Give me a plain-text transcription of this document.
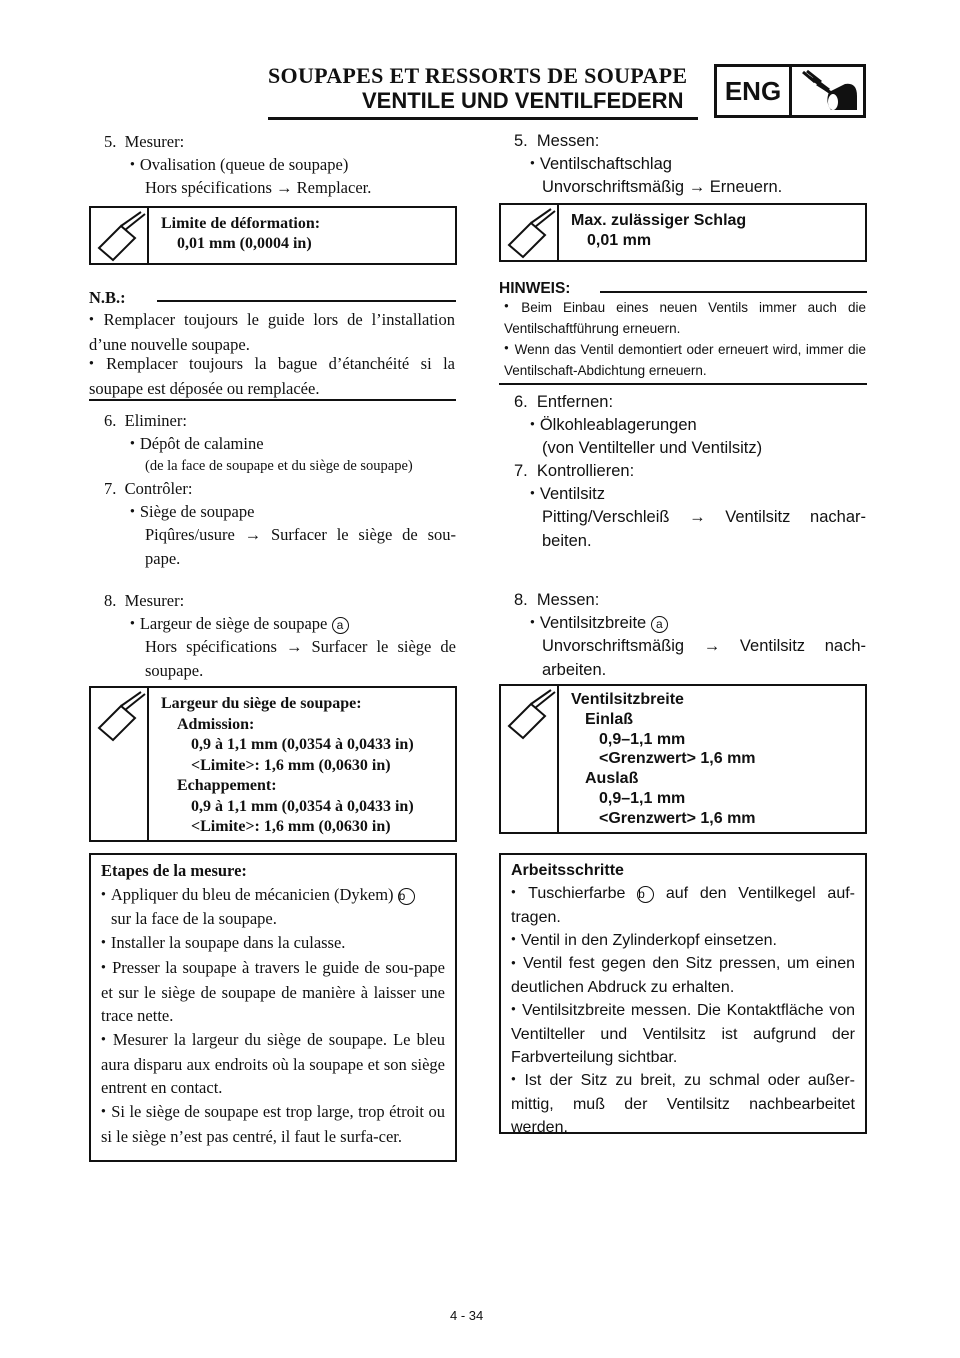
SOUPAPES ET RESSORTS DE SOUPAPE
VENTILE UND VENTILFEDERN	ENG
5.  Mesurer:
● Ovalisation (queue de soupape)
Hors spécifications → Remplacer.
Limite de déformation:
0,01 mm (0,0004 in)
N.B.:
● Remplacer toujours le guide lors de l’installation d’une nouvelle soupape.
● Remplacer toujours la bague d’étanchéité si la soupape est déposée ou remplacée.
6.  Eliminer:
● Dépôt de calamine
(de la face de soupape et du siège de soupape)
7.  Contrôler:
● Siège de soupape
Piqûres/usure → Surfacer le siège de sou-pape.
8.  Mesurer:
● Largeur de siège de soupape a
Hors spécifications → Surfacer le siège de soupape.
Largeur du siège de soupape:
Admission:
0,9 à 1,1 mm (0,0354 à 0,0433 in)
<Limite>: 1,6 mm (0,0630 in)
Echappement:
0,9 à 1,1 mm (0,0354 à 0,0433 in)
<Limite>: 1,6 mm (0,0630 in)
Etapes de la mesure:
● Appliquer du bleu de mécanicien (Dykem) b
sur la face de la soupape.
● Installer la soupape dans la culasse.
● Presser la soupape à travers le guide de sou-pape et sur le siège de soupape de manière à laisser une trace nette.
● Mesurer la largeur du siège de soupape. Le bleu aura disparu aux endroits où la soupape et son siège entrent en contact.
● Si le siège de soupape est trop large, trop étroit ou si le siège n’est pas centré, il faut le surfa-cer.
5.  Messen:
● Ventilschaftschlag
Unvorschriftsmäßig → Erneuern.
Max. zulässiger Schlag
0,01 mm
HINWEIS:
● Beim Einbau eines neuen Ventils immer auch die Ventilschaftführung erneuern.
● Wenn das Ventil demontiert oder erneuert wird, immer die Ventilschaft-Abdichtung erneuern.
6.  Entfernen:
● Ölkohleablagerungen
(von Ventilteller und Ventilsitz)
7.  Kontrollieren:
● Ventilsitz
Pitting/Verschleiß → Ventilsitz nachar-beiten.
8.  Messen:
● Ventilsitzbreite a
Unvorschriftsmäßig → Ventilsitz nach-arbeiten.
Ventilsitzbreite
Einlaß
0,9–1,1 mm
<Grenzwert> 1,6 mm
Auslaß
0,9–1,1 mm
<Grenzwert> 1,6 mm
Arbeitsschritte
● Tuschierfarbe b auf den Ventilkegel auf-tragen.
● Ventil in den Zylinderkopf einsetzen.
● Ventil fest gegen den Sitz pressen, um einen deutlichen Abdruck zu erhalten.
● Ventilsitzbreite messen. Die Kontaktfläche von Ventilteller und Ventilsitz ist aufgrund der Farbverteilung sichtbar.
● Ist der Sitz zu breit, zu schmal oder außer-mittig, muß der Ventilsitz nachbearbeitet werden.
4 - 34
